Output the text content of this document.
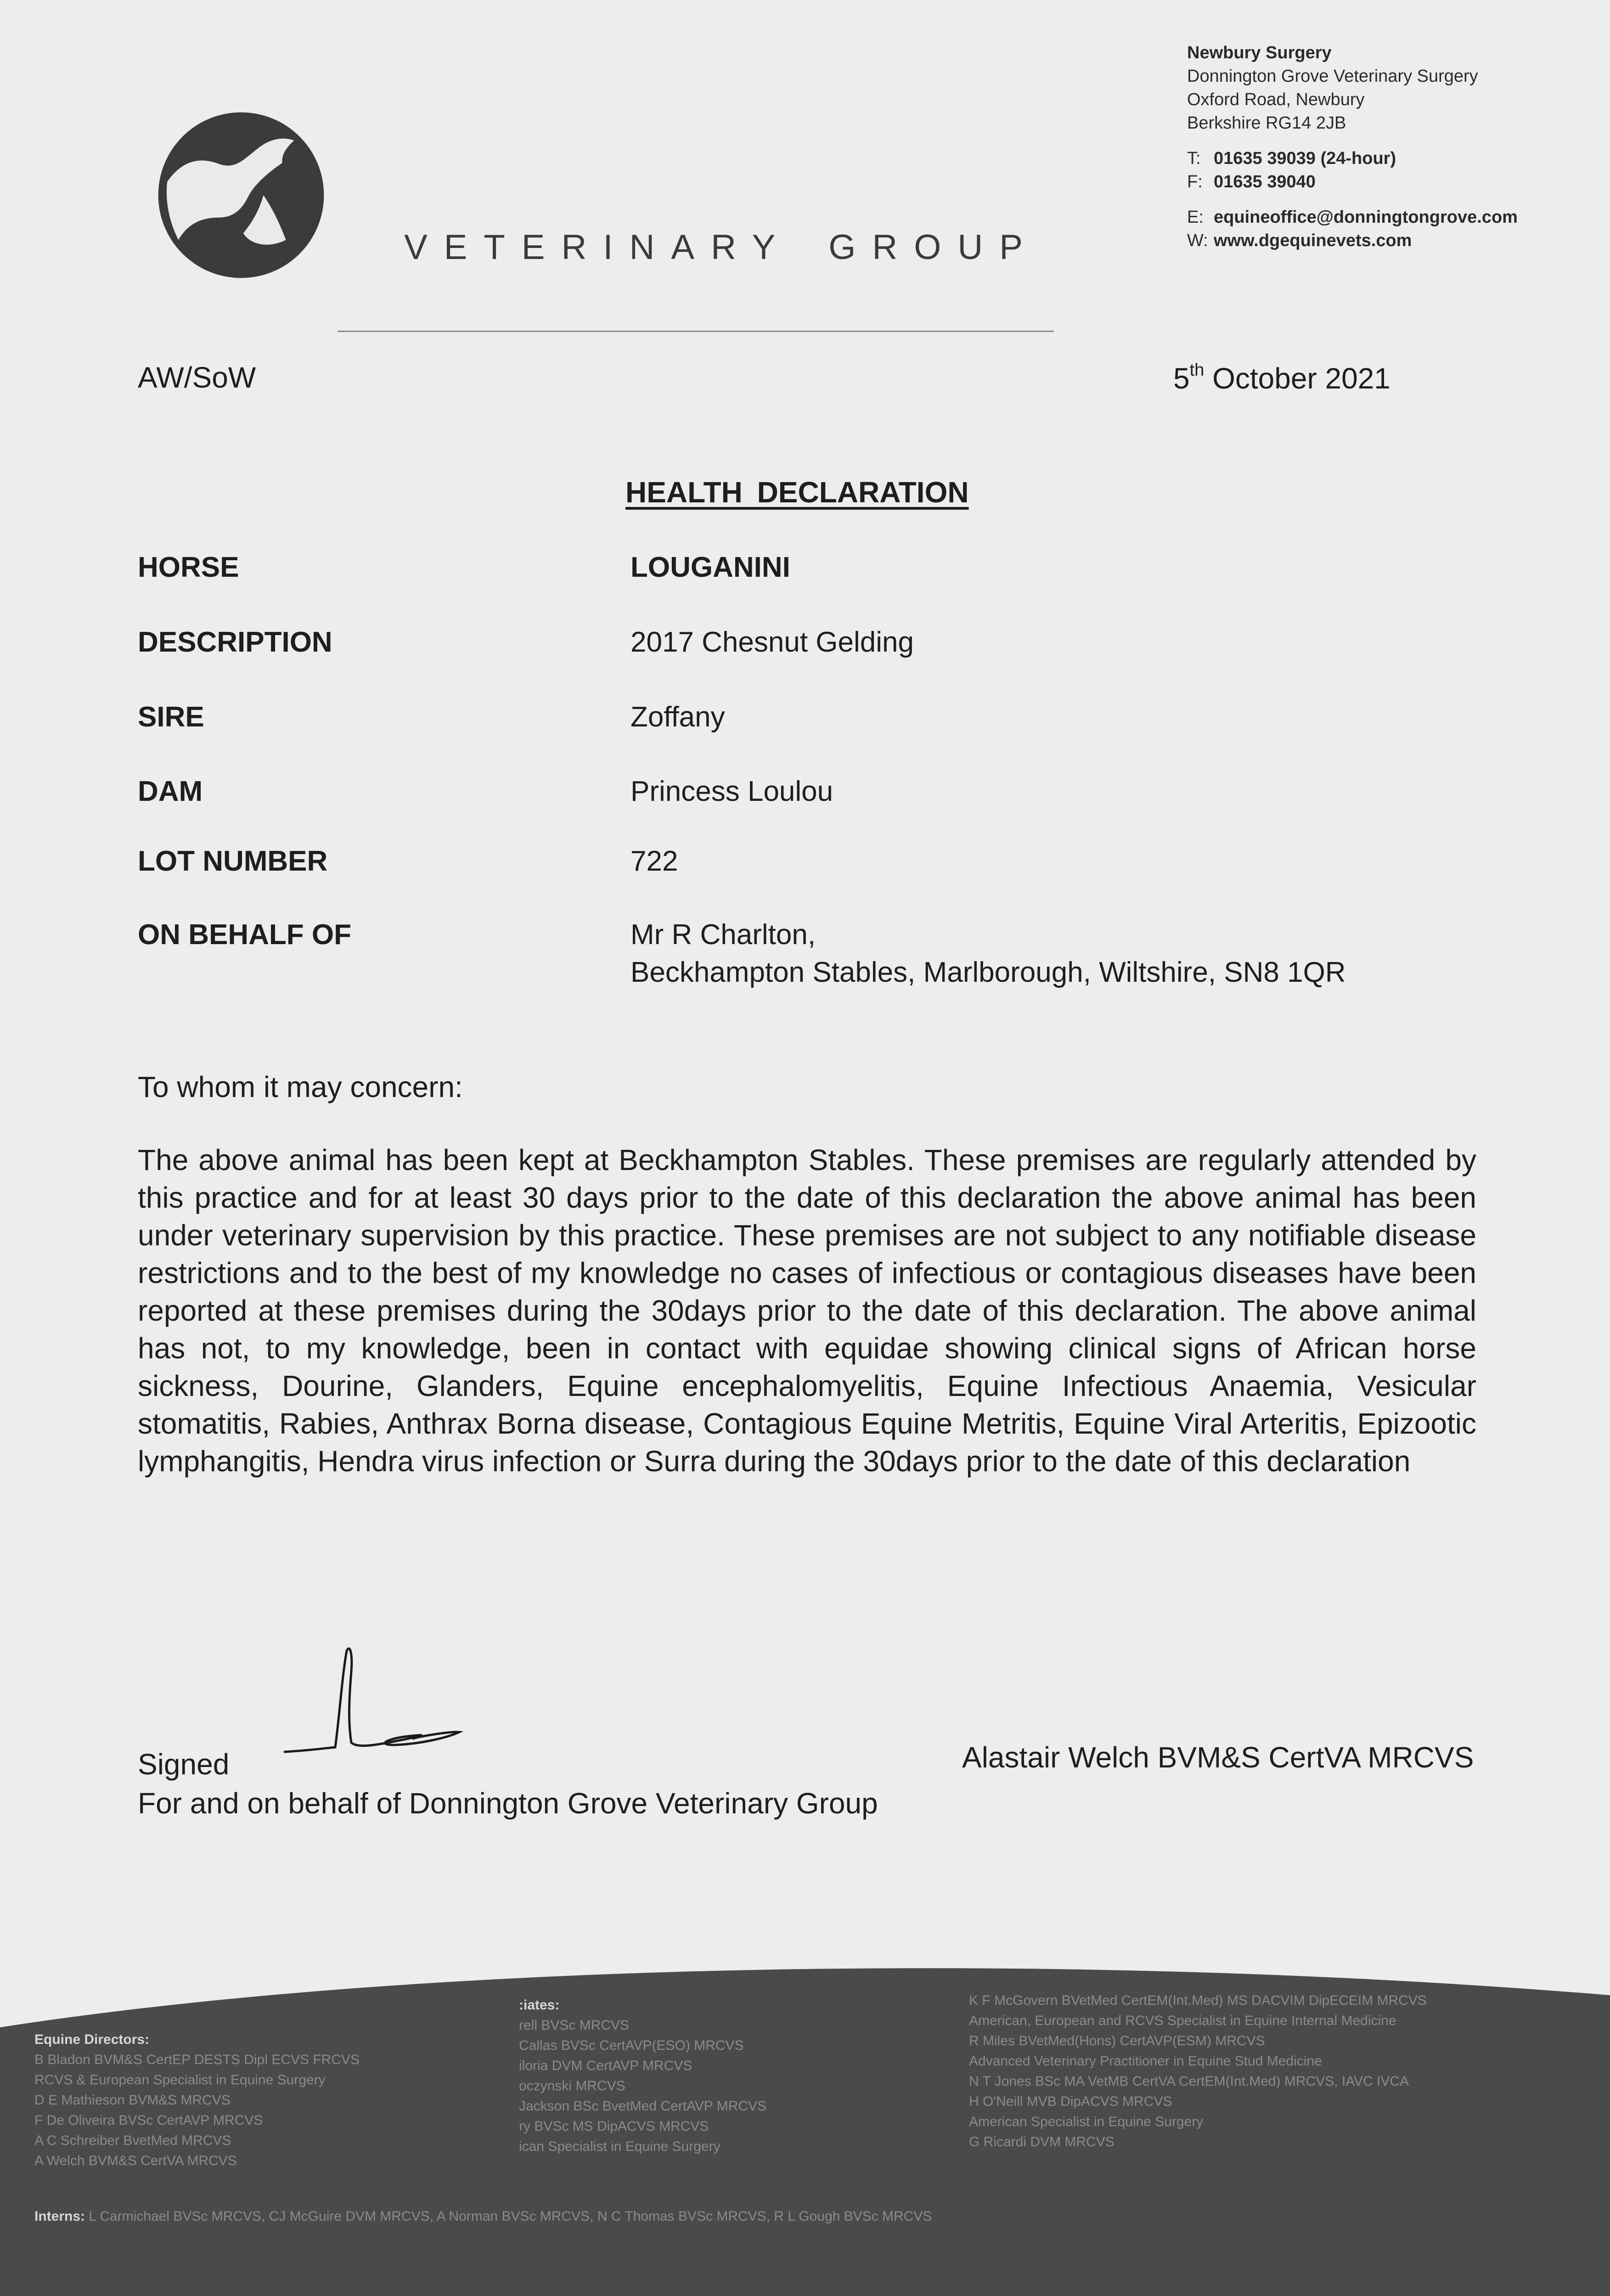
VETERINARY GROUP
Newbury Surgery
Donnington Grove Veterinary Surgery
Oxford Road, Newbury
Berkshire RG14 2JB
T: 01635 39039 (24-hour)
F: 01635 39040
E: equineoffice@donningtongrove.com
W: www.dgequinevets.com
AW/SoW	5th October 2021
HEALTH DECLARATION
HORSE	LOUGANINI
DESCRIPTION	2017 Chesnut Gelding
SIRE	Zoffany
DAM	Princess Loulou
LOT NUMBER	722
ON BEHALF OF	Mr R Charlton,
Beckhampton Stables, Marlborough, Wiltshire, SN8 1QR
To whom it may concern:
The above animal has been kept at Beckhampton Stables. These premises are regularly attended by this practice and for at least 30 days prior to the date of this declaration the above animal has been under veterinary supervision by this practice. These premises are not subject to any notifiable disease restrictions and to the best of my knowledge no cases of infectious or contagious diseases have been reported at these premises during the 30days prior to the date of this declaration. The above animal has not, to my knowledge, been in contact with equidae showing clinical signs of African horse sickness, Dourine, Glanders, Equine encephalomyelitis, Equine Infectious Anaemia, Vesicular stomatitis, Rabies, Anthrax Borna disease, Contagious Equine Metritis, Equine Viral Arteritis, Epizootic lymphangitis, Hendra virus infection or Surra during the 30days prior to the date of this declaration
Signed	Alastair Welch BVM&S CertVA MRCVS
For and on behalf of Donnington Grove Veterinary Group
Equine Directors:
B Bladon BVM&S CertEP DESTS Dipl ECVS FRCVS
RCVS & European Specialist in Equine Surgery
D E Mathieson BVM&S MRCVS
F De Oliveira BVSc CertAVP MRCVS
A C Schreiber BvetMed MRCVS
A Welch BVM&S CertVA MRCVS
:iates:
rell BVSc MRCVS
Callas BVSc CertAVP(ESO) MRCVS
iloria DVM CertAVP MRCVS
oczynski MRCVS
Jackson BSc BvetMed CertAVP MRCVS
ry BVSc MS DipACVS MRCVS
ican Specialist in Equine Surgery
K F McGovern BVetMed CertEM(Int.Med) MS DACVIM DipECEIM MRCVS
American, European and RCVS Specialist in Equine Internal Medicine
R Miles BVetMed(Hons) CertAVP(ESM) MRCVS
Advanced Veterinary Practitioner in Equine Stud Medicine
N T Jones BSc MA VetMB CertVA CertEM(Int.Med) MRCVS, IAVC IVCA
H O'Neill MVB DipACVS MRCVS
American Specialist in Equine Surgery
G Ricardi DVM MRCVS
Interns: L Carmichael BVSc MRCVS, CJ McGuire DVM MRCVS, A Norman BVSc MRCVS, N C Thomas BVSc MRCVS, R L Gough BVSc MRCVS
